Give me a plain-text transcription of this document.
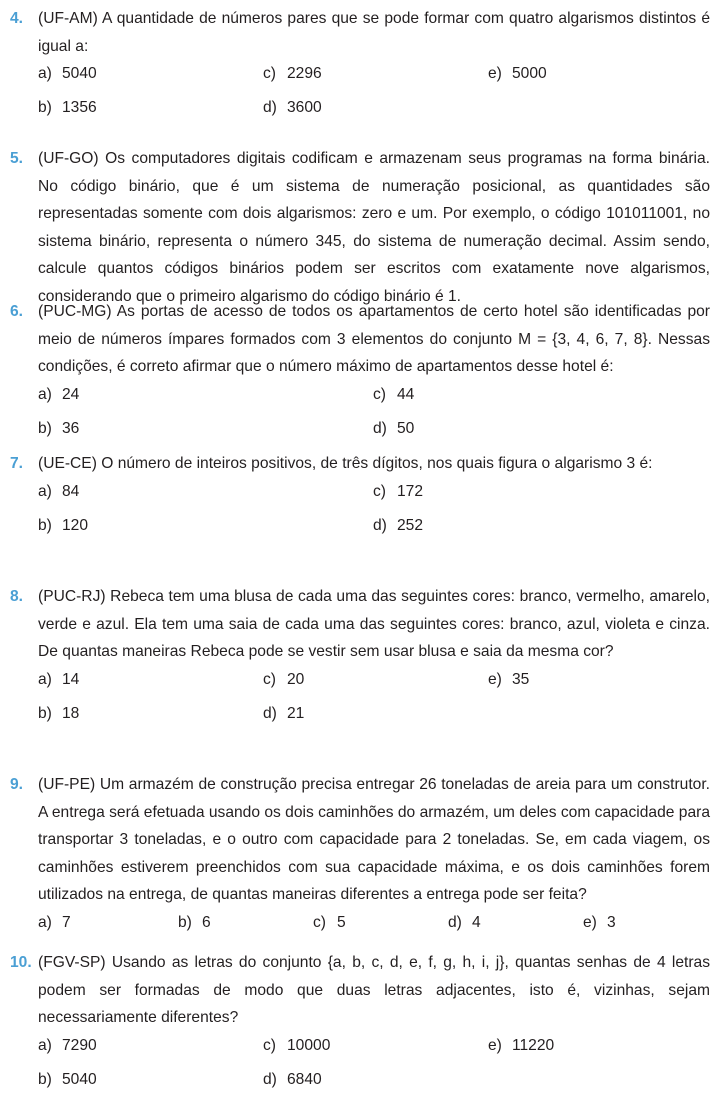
4. (UF-AM) A quantidade de números pares que se pode formar com quatro algarismos distintos é igual a:

a) 5040	c) 2296	e) 5000
b) 1356	d) 3600

5. (UF-GO) Os computadores digitais codificam e armazenam seus programas na forma binária. No código binário, que é um sistema de numeração posicional, as quantidades são representadas somente com dois algarismos: zero e um. Por exemplo, o código 101011001, no sistema binário, representa o número 345, do sistema de numeração decimal. Assim sendo, calcule quantos códigos binários podem ser escritos com exatamente nove algarismos, considerando que o primeiro algarismo do código binário é 1.

6. (PUC-MG) As portas de acesso de todos os apartamentos de certo hotel são identificadas por meio de números ímpares formados com 3 elementos do conjunto M = {3, 4, 6, 7, 8}. Nessas condições, é correto afirmar que o número máximo de apartamentos desse hotel é:

a) 24	c) 44
b) 36	d) 50

7. (UE-CE) O número de inteiros positivos, de três dígitos, nos quais figura o algarismo 3 é:

a) 84	c) 172
b) 120	d) 252

8. (PUC-RJ) Rebeca tem uma blusa de cada uma das seguintes cores: branco, vermelho, amarelo, verde e azul. Ela tem uma saia de cada uma das seguintes cores: branco, azul, violeta e cinza. De quantas maneiras Rebeca pode se vestir sem usar blusa e saia da mesma cor?

a) 14	c) 20	e) 35
b) 18	d) 21

9. (UF-PE) Um armazém de construção precisa entregar 26 toneladas de areia para um construtor. A entrega será efetuada usando os dois caminhões do armazém, um deles com capacidade para transportar 3 toneladas, e o outro com capacidade para 2 toneladas. Se, em cada viagem, os caminhões estiverem preenchidos com sua capacidade máxima, e os dois caminhões forem utilizados na entrega, de quantas maneiras diferentes a entrega pode ser feita?

a) 7	b) 6	c) 5	d) 4	e) 3

10. (FGV-SP) Usando as letras do conjunto {a, b, c, d, e, f, g, h, i, j}, quantas senhas de 4 letras podem ser formadas de modo que duas letras adjacentes, isto é, vizinhas, sejam necessariamente diferentes?

a) 7290	c) 10000	e) 11220
b) 5040	d) 6840
